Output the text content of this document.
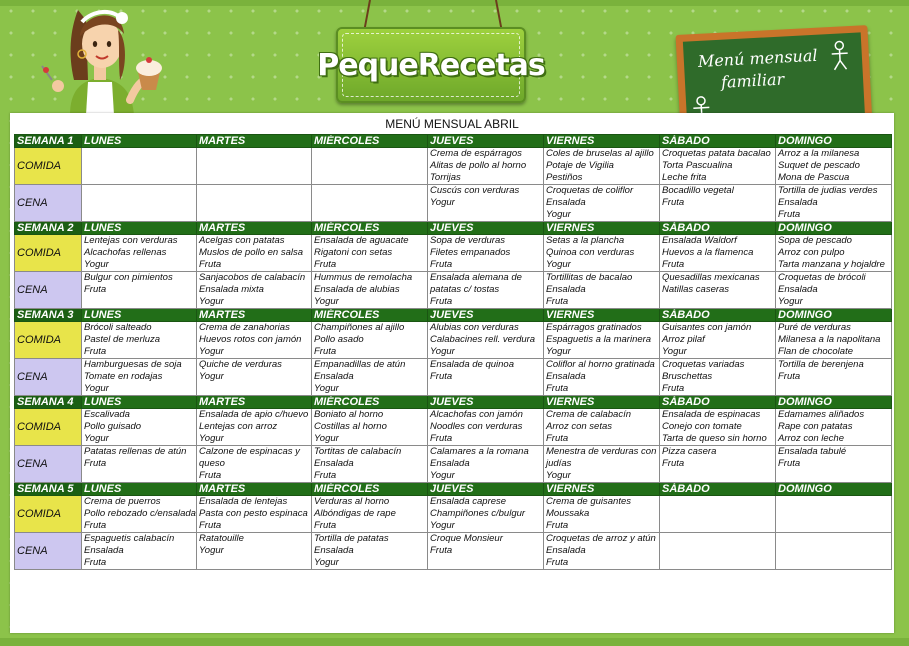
PequeRecetas	Menú mensual
familiar
MENÚ MENSUAL ABRIL
SEMANA 1	LUNES	MARTES	MIÉRCOLES	JUEVES	VIERNES	SÁBADO	DOMINGO
COMIDA				Crema de espárragos
Alitas de pollo al horno
Torrijas	Coles de bruselas al ajillo
Potaje de Vigilia
Pestiños	Croquetas patata bacalao
Torta Pascualina
Leche frita	Arroz a la milanesa
Suquet de pescado
Mona de Pascua

CENA				Cuscús con verduras
Yogur	Croquetas de coliflor
Ensalada
Yogur	Bocadillo vegetal
Fruta	Tortilla de judias verdes
Ensalada
Fruta

SEMANA 2	LUNES	MARTES	MIÉRCOLES	JUEVES	VIERNES	SÁBADO	DOMINGO
COMIDA	Lentejas con verduras
Alcachofas rellenas
Yogur	Acelgas con patatas
Muslos de pollo en salsa
Fruta	Ensalada de aguacate
Rigatoni con setas
Fruta	Sopa de verduras
Filetes empanados
Fruta	Setas a la plancha
Quinoa con verduras
Yogur	Ensalada Waldorf
Huevos a la flamenca
Fruta	Sopa de pescado
Arroz con pulpo
Tarta manzana y hojaldre

CENA	Bulgur con pimientos
Fruta	Sanjacobos de calabacín
Ensalada mixta
Yogur	Hummus de remolacha
Ensalada de alubias
Yogur	Ensalada alemana de
patatas c/ tostas
Fruta	Tortillitas de bacalao
Ensalada
Fruta	Quesadillas mexicanas
Natillas caseras	Croquetas de brócoli
Ensalada
Yogur

SEMANA 3	LUNES	MARTES	MIÉRCOLES	JUEVES	VIERNES	SÁBADO	DOMINGO
COMIDA	Brócoli salteado
Pastel de merluza
Fruta	Crema de zanahorias
Huevos rotos con jamón
Yogur	Champiñones al ajillo
Pollo asado
Fruta	Alubias con verduras
Calabacines rell. verdura
Yogur	Espárragos gratinados
Espaguetis a la marinera
Yogur	Guisantes con jamón
Arroz pilaf
Yogur	Puré de verduras
Milanesa a la napolitana
Flan de chocolate

CENA	Hamburguesas de soja
Tomate en rodajas
Yogur	Quiche de verduras
Yogur	Empanadillas de atún
Ensalada
Yogur	Ensalada de quinoa
Fruta	Coliflor al horno gratinada
Ensalada
Fruta	Croquetas variadas
Bruschettas
Fruta	Tortilla de berenjena
Fruta

SEMANA 4	LUNES	MARTES	MIÉRCOLES	JUEVES	VIERNES	SÁBADO	DOMINGO
COMIDA	Escalivada
Pollo guisado
Yogur	Ensalada de apio c/huevo
Lentejas con arroz
Yogur	Boniato al horno
Costillas al horno
Yogur	Alcachofas con jamón
Noodles con verduras
Fruta	Crema de calabacín
Arroz con setas
Fruta	Ensalada de espinacas
Conejo con tomate
Tarta de queso sin horno	Edamames aliñados
Rape con patatas
Arroz con leche

CENA	Patatas rellenas de atún
Fruta	Calzone de espinacas y
queso
Fruta	Tortitas de calabacín
Ensalada
Fruta	Calamares a la romana
Ensalada
Yogur	Menestra de verduras con
judías
Yogur	Pizza casera
Fruta	Ensalada tabulé
Fruta

SEMANA 5	LUNES	MARTES	MIÉRCOLES	JUEVES	VIERNES	SÁBADO	DOMINGO
COMIDA	Crema de puerros
Pollo rebozado c/ensalada
Fruta	Ensalada de lentejas
Pasta con pesto espinaca
Fruta	Verduras al horno
Albóndigas de rape
Fruta	Ensalada caprese
Champiñones c/bulgur
Yogur	Crema de guisantes
Moussaka
Fruta		

CENA	Espaguetis calabacín
Ensalada
Fruta	Ratatouille
Yogur	Tortilla de patatas
Ensalada
Yogur	Croque Monsieur
Fruta	Croquetas de arroz y atún
Ensalada
Fruta		
